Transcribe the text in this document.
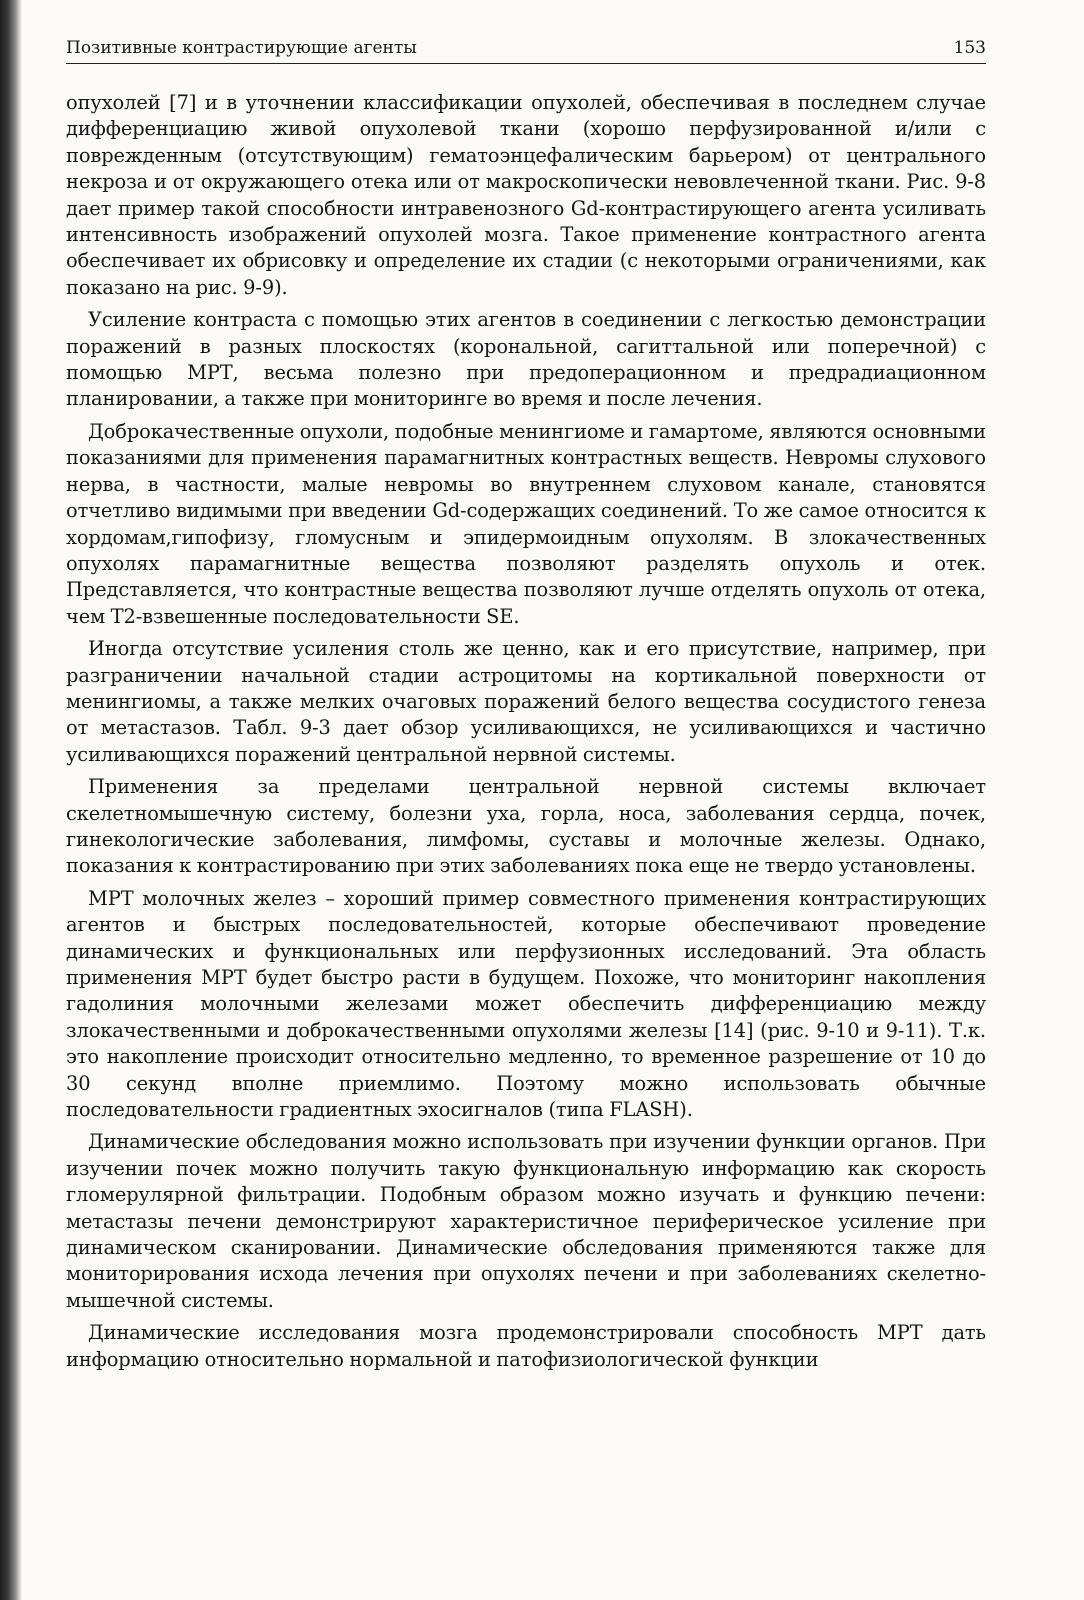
Позитивные контрастирующие агенты	153

опухолей [7] и в уточнении классификации опухолей, обеспечивая в последнем случае дифференциацию живой опухолевой ткани (хорошо перфузированной и/или с поврежденным (отсутствующим) гематоэнцефалическим барьером) от центрального некроза и от окружающего отека или от макроскопически невовлеченной ткани. Рис. 9-8 дает пример такой способности интравенозного Gd-контрастирующего агента усиливать интенсивность изображений опухолей мозга. Такое применение контрастного агента обеспечивает их обрисовку и определение их стадии (с некоторыми ограничениями, как показано на рис. 9-9).

Усиление контраста с помощью этих агентов в соединении с легкостью демонстрации поражений в разных плоскостях (корональной, сагиттальной или поперечной) с помощью МРТ, весьма полезно при предоперационном и предрадиационном планировании, а также при мониторинге во время и после лечения.

Доброкачественные опухоли, подобные менингиоме и гамартоме, являются основными показаниями для применения парамагнитных контрастных веществ. Невромы слухового нерва, в частности, малые невромы во внутреннем слуховом канале, становятся отчетливо видимыми при введении Gd-содержащих соединений. То же самое относится к хордомам,гипофизу, гломусным и эпидермоидным опухолям. В злокачественных опухолях парамагнитные вещества позволяют разделять опухоль и отек. Представляется, что контрастные вещества позволяют лучше отделять опухоль от отека, чем Т2-взвешенные последовательности SE.

Иногда отсутствие усиления столь же ценно, как и его присутствие, например, при разграничении начальной стадии астроцитомы на кортикальной поверхности от менингиомы, а также мелких очаговых поражений белого вещества сосудистого генеза от метастазов. Табл. 9-3 дает обзор усиливающихся, не усиливающихся и частично усиливающихся поражений центральной нервной системы.

Применения за пределами центральной нервной системы включает скелетномышечную систему, болезни уха, горла, носа, заболевания сердца, почек, гинекологические заболевания, лимфомы, суставы и молочные железы. Однако, показания к контрастированию при этих заболеваниях пока еще не твердо установлены.

МРТ молочных желез – хороший пример совместного применения контрастирующих агентов и быстрых последовательностей, которые обеспечивают проведение динамических и функциональных или перфузионных исследований. Эта область применения МРТ будет быстро расти в будущем. Похоже, что мониторинг накопления гадолиния молочными железами может обеспечить дифференциацию между злокачественными и доброкачественными опухолями железы [14] (рис. 9-10 и 9-11). Т.к. это накопление происходит относительно медленно, то временное разрешение от 10 до 30 секунд вполне приемлимо. Поэтому можно использовать обычные последовательности градиентных эхосигналов (типа FLASH).

Динамические обследования можно использовать при изучении функции органов. При изучении почек можно получить такую функциональную информацию как скорость гломерулярной фильтрации. Подобным образом можно изучать и функцию печени: метастазы печени демонстрируют характеристичное периферическое усиление при динамическом сканировании. Динамические обследования применяются также для мониторирования исхода лечения при опухолях печени и при заболеваниях скелетно-мышечной системы.

Динамические исследования мозга продемонстрировали способность МРТ дать информацию относительно нормальной и патофизиологической функции
